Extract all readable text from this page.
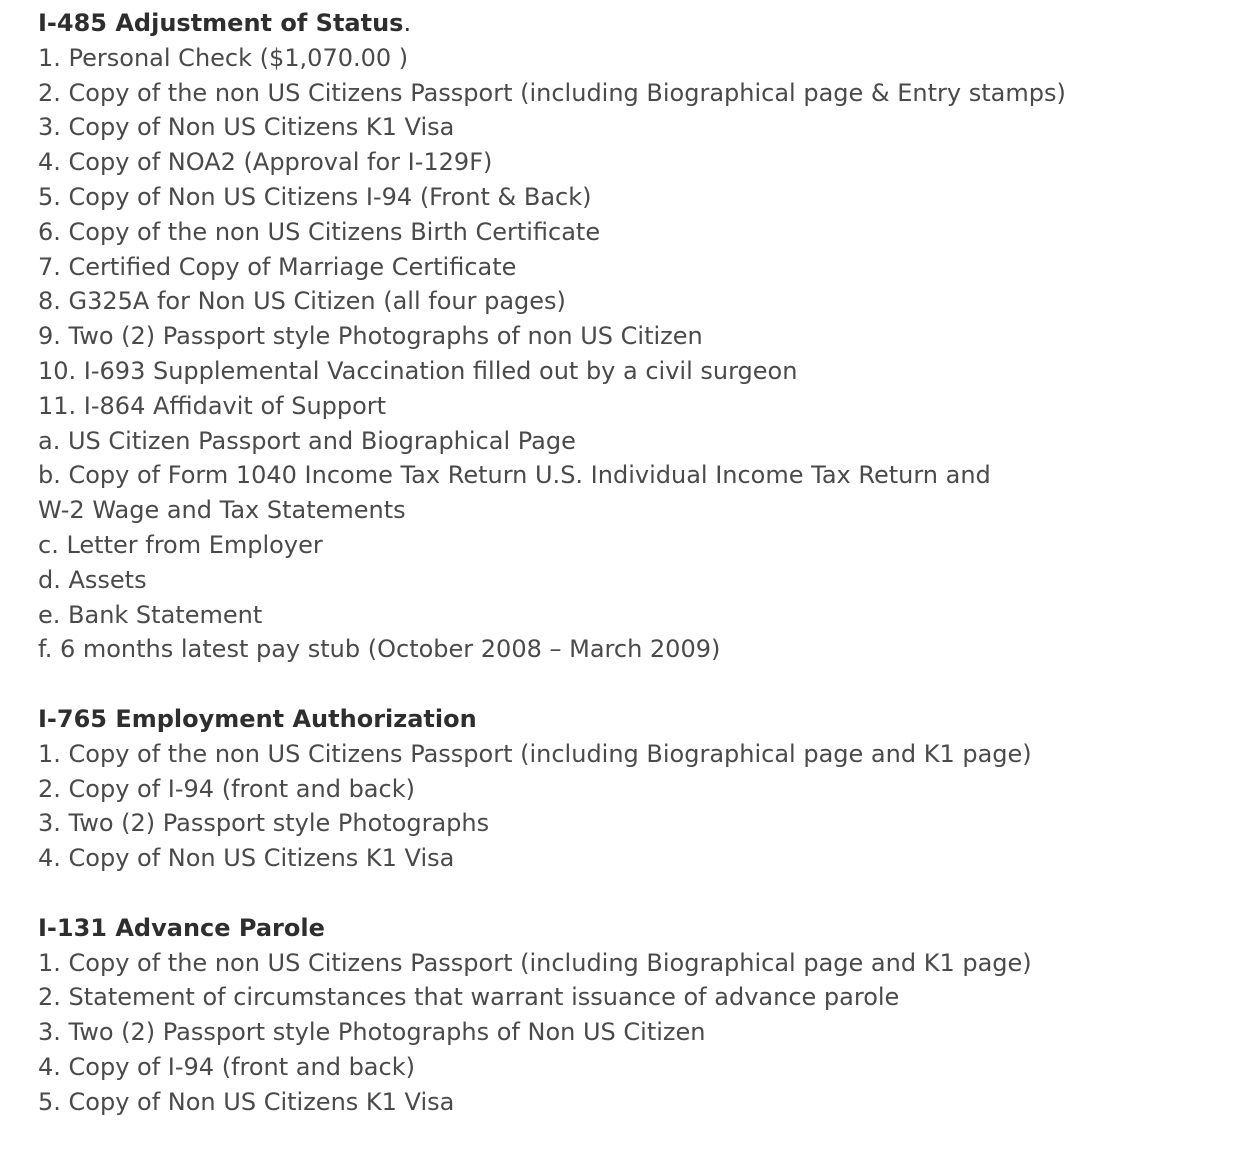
I-485 Adjustment of Status.
1. Personal Check ($1,070.00 )
2. Copy of the non US Citizens Passport (including Biographical page & Entry stamps)
3. Copy of Non US Citizens K1 Visa
4. Copy of NOA2 (Approval for I-129F)
5. Copy of Non US Citizens I-94 (Front & Back)
6. Copy of the non US Citizens Birth Certificate
7. Certified Copy of Marriage Certificate
8. G325A for Non US Citizen (all four pages)
9. Two (2) Passport style Photographs of non US Citizen
10. I-693 Supplemental Vaccination filled out by a civil surgeon
11. I-864 Affidavit of Support
a. US Citizen Passport and Biographical Page
b. Copy of Form 1040 Income Tax Return U.S. Individual Income Tax Return and
W-2 Wage and Tax Statements
c. Letter from Employer
d. Assets
e. Bank Statement
f. 6 months latest pay stub (October 2008 – March 2009)
I-765 Employment Authorization
1. Copy of the non US Citizens Passport (including Biographical page and K1 page)
2. Copy of I-94 (front and back)
3. Two (2) Passport style Photographs
4. Copy of Non US Citizens K1 Visa
I-131 Advance Parole
1. Copy of the non US Citizens Passport (including Biographical page and K1 page)
2. Statement of circumstances that warrant issuance of advance parole
3. Two (2) Passport style Photographs of Non US Citizen
4. Copy of I-94 (front and back)
5. Copy of Non US Citizens K1 Visa
